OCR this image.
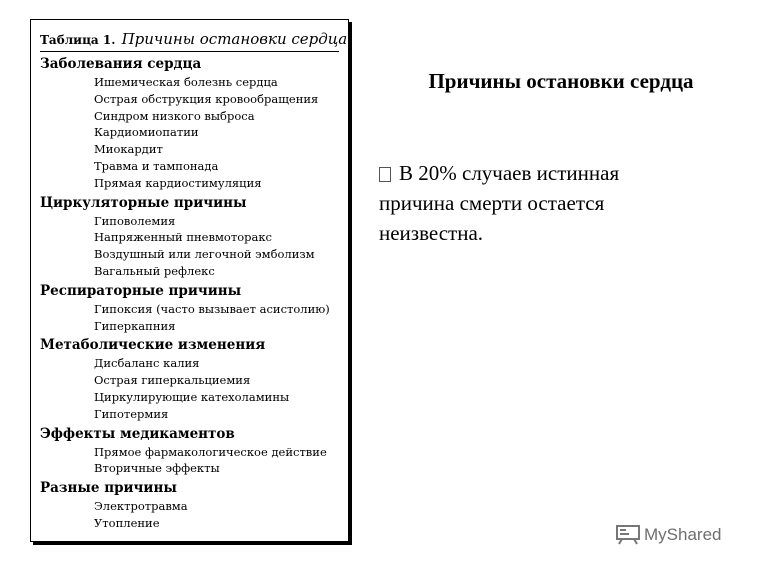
Таблица 1. Причины остановки сердца
Заболевания сердца
Ишемическая болезнь сердца
Острая обструкция кровообращения
Синдром низкого выброса
Кардиомиопатии
Миокардит
Травма и тампонада
Прямая кардиостимуляция
Циркуляторные причины
Гиповолемия
Напряженный пневмоторакс
Воздушный или легочной эмболизм
Вагальный рефлекс
Респираторные причины
Гипоксия (часто вызывает асистолию)
Гиперкапния
Метаболические изменения
Дисбаланс калия
Острая гиперкальциемия
Циркулирующие катехоламины
Гипотермия
Эффекты медикаментов
Прямое фармакологическое действие
Вторичные эффекты
Разные причины
Электротравма
Утопление
Причины остановки сердца
В 20% случаев истинная причина смерти остается неизвестна.
MyShared
